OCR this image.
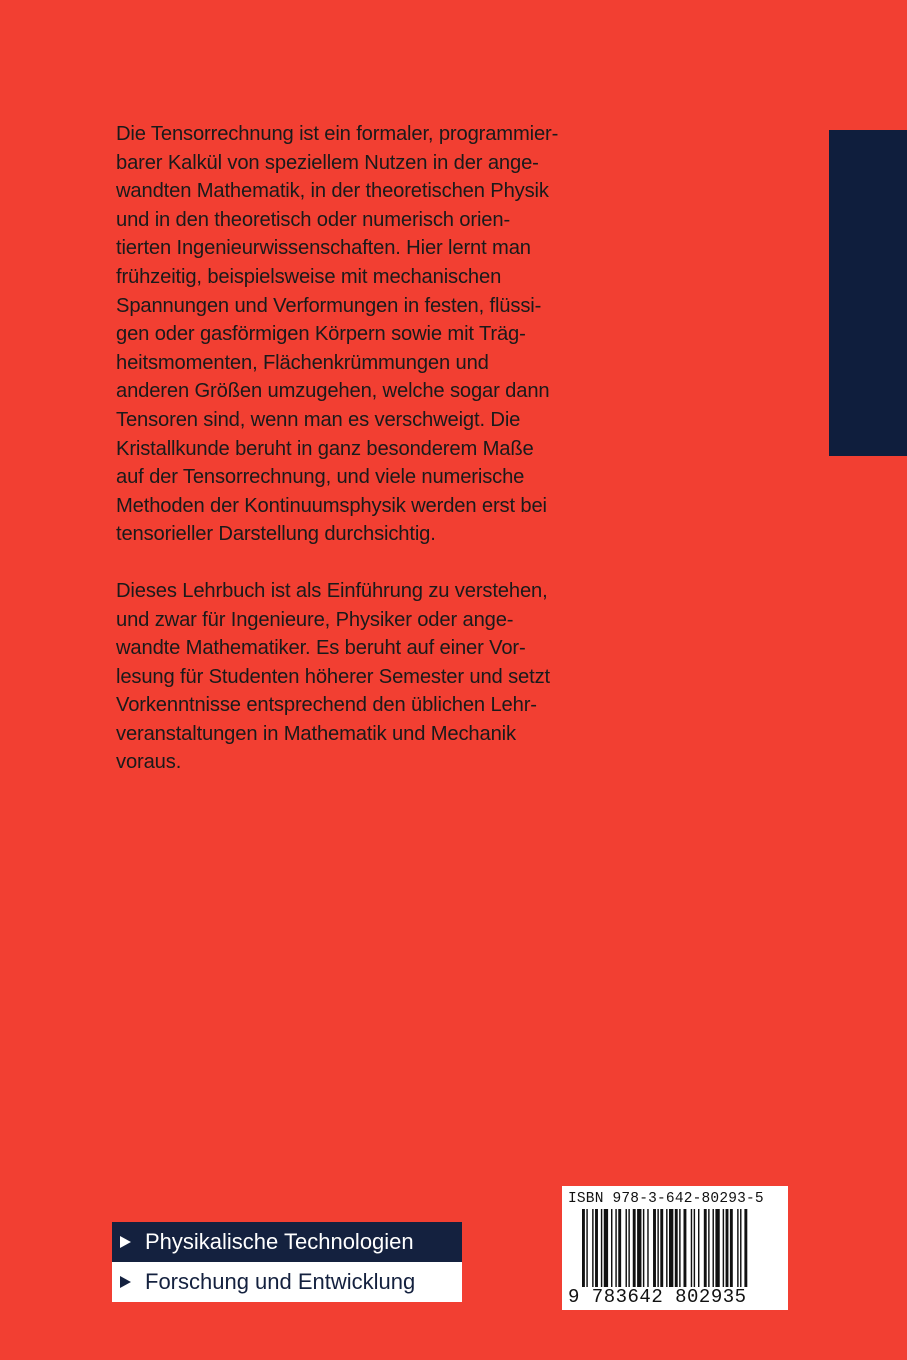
Die Tensorrechnung ist ein formaler, programmier-
barer Kalkül von speziellem Nutzen in der ange-
wandten Mathematik, in der theoretischen Physik
und in den theoretisch oder numerisch orien-
tierten Ingenieurwissenschaften. Hier lernt man
frühzeitig, beispielsweise mit mechanischen
Spannungen und Verformungen in festen, flüssi-
gen oder gasförmigen Körpern sowie mit Träg-
heitsmomenten, Flächenkrümmungen und
anderen Größen umzugehen, welche sogar dann
Tensoren sind, wenn man es verschweigt. Die
Kristallkunde beruht in ganz besonderem Maße
auf der Tensorrechnung, und viele numerische
Methoden der Kontinuumsphysik werden erst bei
tensorieller Darstellung durchsichtig.

Dieses Lehrbuch ist als Einführung zu verstehen,
und zwar für Ingenieure, Physiker oder ange-
wandte Mathematiker. Es beruht auf einer Vor-
lesung für Studenten höherer Semester und setzt
Vorkenntnisse entsprechend den üblichen Lehr-
veranstaltungen in Mathematik und Mechanik
voraus.

Physikalische Technologien
Forschung und Entwicklung
ISBN 978-3-642-80293-5
9 783642 802935
